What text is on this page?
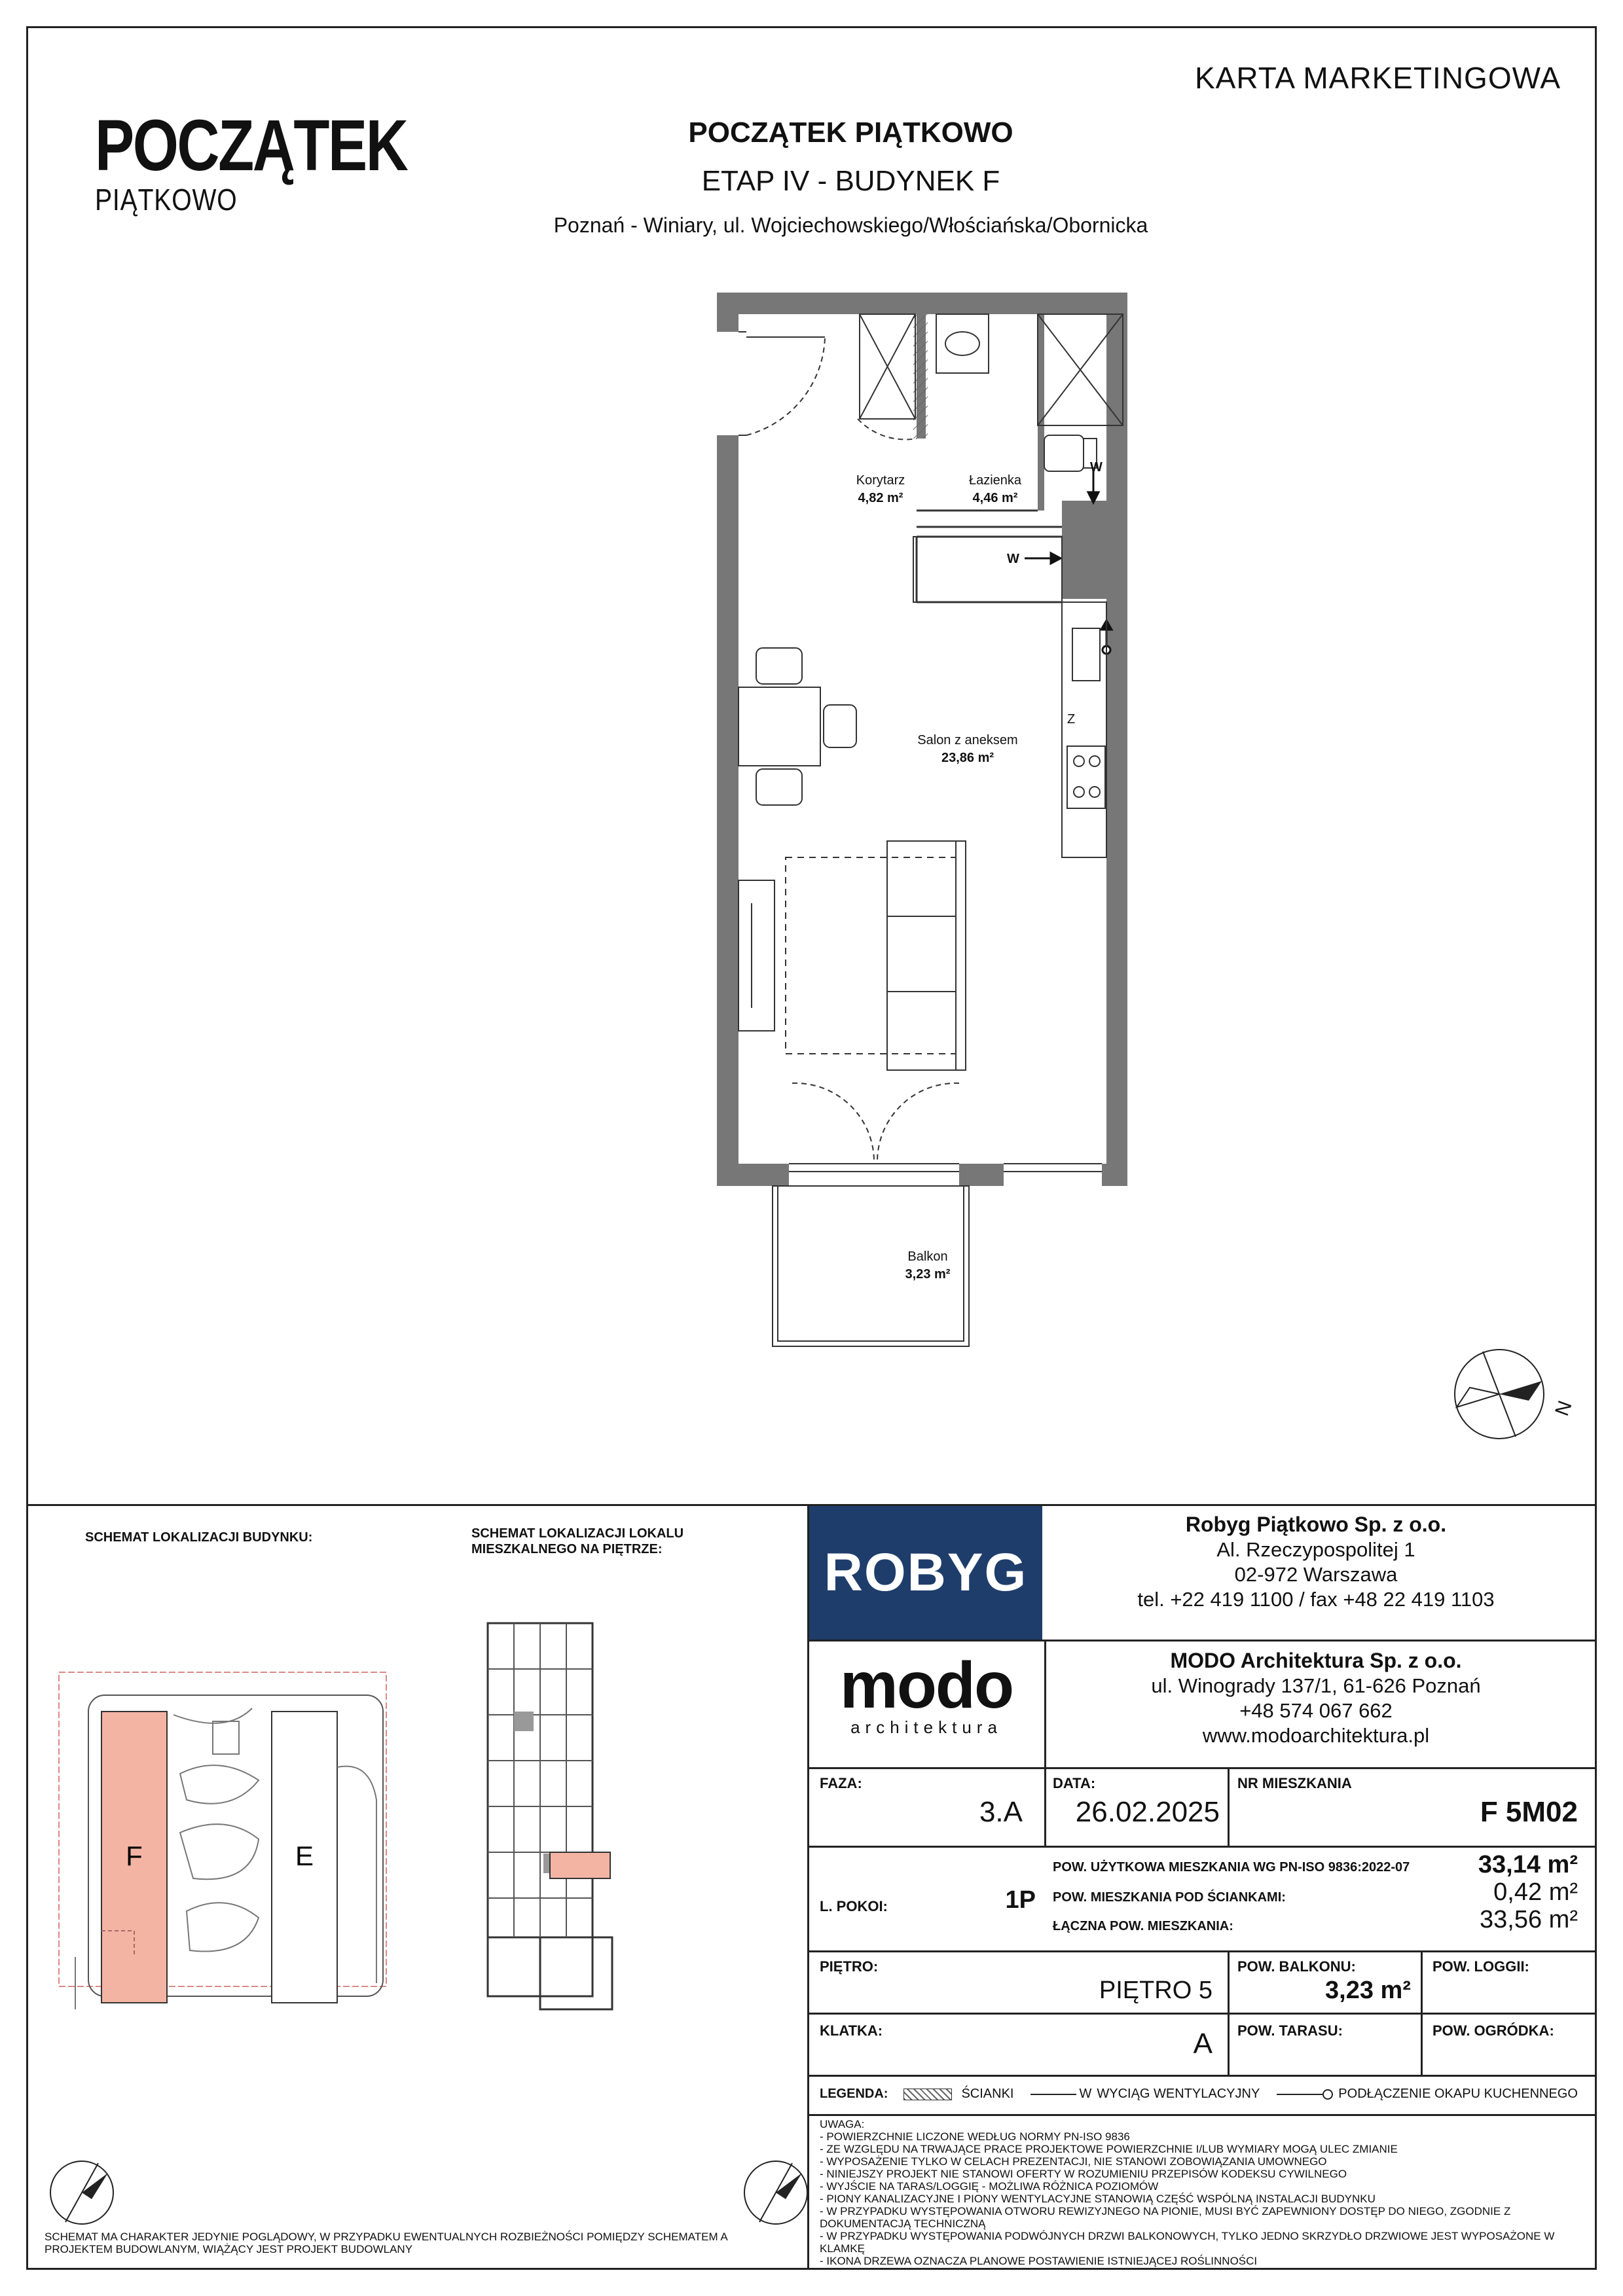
KARTA MARKETINGOWA
POCZĄTEK
PIĄTKOWO
POCZĄTEK PIĄTKOWO
ETAP IV - BUDYNEK F
Poznań - Winiary, ul. Wojciechowskiego/Włościańska/Obornicka
Korytarz
4,82 m²
Łazienka
4,46 m²
Salon z aneksem
23,86 m²
Balkon
3,23 m²
W
W
Z
N
SCHEMAT LOKALIZACJI BUDYNKU:	SCHEMAT LOKALIZACJI LOKALU
MIESZKALNEGO NA PIĘTRZE:
F	E
SCHEMAT MA CHARAKTER JEDYNIE POGLĄDOWY, W PRZYPADKU EWENTUALNYCH ROZBIEŻNOŚCI POMIĘDZY SCHEMATEM A
PROJEKTEM BUDOWLANYM, WIĄŻĄCY JEST PROJEKT BUDOWLANY
ROBYG
Robyg Piątkowo Sp. z o.o.
Al. Rzeczypospolitej 1
02-972 Warszawa
tel. +22 419 1100 / fax +48 22 419 1103
modo
architektura
MODO Architektura Sp. z o.o.
ul. Winogrady 137/1, 61-626 Poznań
+48 574 067 662
www.modoarchitektura.pl
FAZA:
3.A
DATA:
26.02.2025
NR MIESZKANIA
F 5M02
L. POKOI:	1P
POW. UŻYTKOWA MIESZKANIA WG PN-ISO 9836:2022-07	33,14 m²
POW. MIESZKANIA POD ŚCIANKAMI:	0,42 m²
ŁĄCZNA POW. MIESZKANIA:	33,56 m²
PIĘTRO:
PIĘTRO 5
POW. BALKONU:
3,23 m²
POW. LOGGII:
KLATKA:	A POW. TARASU:	POW. OGRÓDKA:
LEGENDA:	ŚCIANKI	W WYCIĄG WENTYLACYJNY	PODŁĄCZENIE OKAPU KUCHENNEGO
UWAGA:
- POWIERZCHNIE LICZONE WEDŁUG NORMY PN-ISO 9836
- ZE WZGLĘDU NA TRWAJĄCE PRACE PROJEKTOWE POWIERZCHNIE I/LUB WYMIARY MOGĄ ULEC ZMIANIE
- WYPOSAŻENIE TYLKO W CELACH PREZENTACJI, NIE STANOWI ZOBOWIĄZANIA UMOWNEGO
- NINIEJSZY PROJEKT NIE STANOWI OFERTY W ROZUMIENIU PRZEPISÓW KODEKSU CYWILNEGO
- WYJŚCIE NA TARAS/LOGGIĘ - MOŻLIWA RÓŻNICA POZIOMÓW
- PIONY KANALIZACYJNE I PIONY WENTYLACYJNE STANOWIĄ CZĘŚĆ WSPÓLNĄ INSTALACJI BUDYNKU
- W PRZYPADKU WYSTĘPOWANIA OTWORU REWIZYJNEGO NA PIONIE, MUSI BYĆ ZAPEWNIONY DOSTĘP DO NIEGO, ZGODNIE Z DOKUMENTACJĄ TECHNICZNĄ
- W PRZYPADKU WYSTĘPOWANIA PODWÓJNYCH DRZWI BALKONOWYCH, TYLKO JEDNO SKRZYDŁO DRZWIOWE JEST WYPOSAŻONE W KLAMKĘ
- IKONA DRZEWA OZNACZA PLANOWE POSTAWIENIE ISTNIEJĄCEJ ROŚLINNOŚCI
